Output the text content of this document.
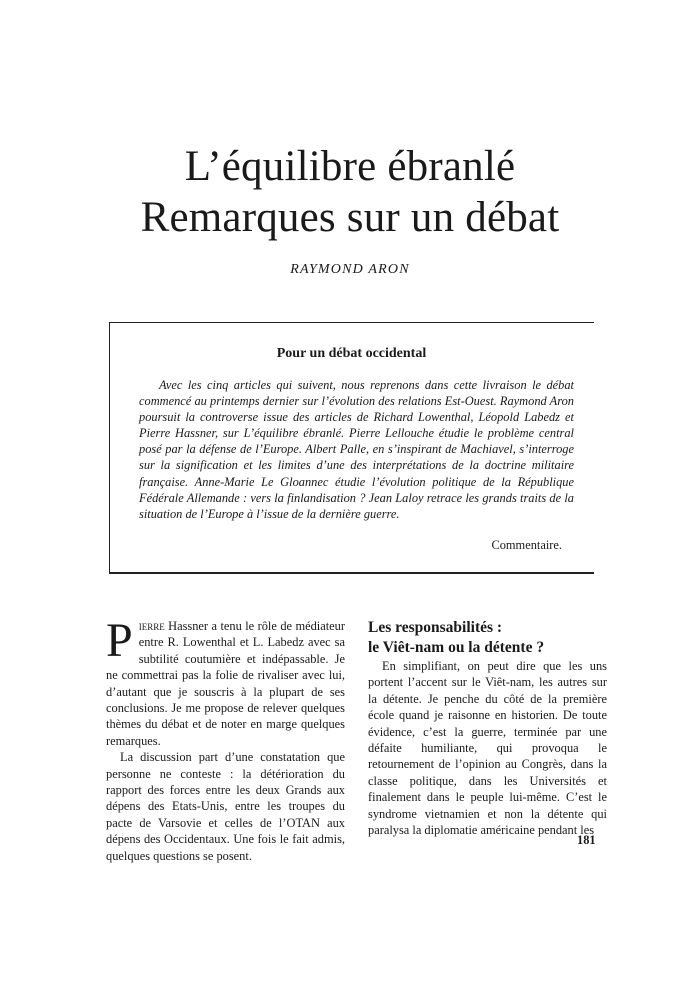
L’équilibre ébranlé
Remarques sur un débat

RAYMOND ARON

Pour un débat occidental

Avec les cinq articles qui suivent, nous reprenons dans cette livraison le débat commencé au printemps dernier sur l’évolution des relations Est-Ouest. Raymond Aron poursuit la controverse issue des articles de Richard Lowenthal, Léopold Labedz et Pierre Hassner, sur L’équilibre ébranlé. Pierre Lellouche étudie le problème central posé par la défense de l’Europe. Albert Palle, en s’inspirant de Machiavel, s’interroge sur la signification et les limites d’une des interprétations de la doctrine militaire française. Anne-Marie Le Gloannec étudie l’évolution politique de la République Fédérale Allemande : vers la finlandisation ? Jean Laloy retrace les grands traits de la situation de l’Europe à l’issue de la dernière guerre.

Commentaire.

Pierre Hassner a tenu le rôle de médiateur entre R. Lowenthal et L. Labedz avec sa subtilité coutumière et indépassable. Je ne commettrai pas la folie de rivaliser avec lui, d’autant que je souscris à la plupart de ses conclusions. Je me propose de relever quelques thèmes du débat et de noter en marge quelques remarques.

La discussion part d’une constatation que personne ne conteste : la détérioration du rapport des forces entre les deux Grands aux dépens des Etats-Unis, entre les troupes du pacte de Varsovie et celles de l’OTAN aux dépens des Occidentaux. Une fois le fait admis, quelques questions se posent.

Les responsabilités :
le Viêt-nam ou la détente ?

En simplifiant, on peut dire que les uns portent l’accent sur le Viêt-nam, les autres sur la détente. Je penche du côté de la première école quand je raisonne en historien. De toute évidence, c’est la guerre, terminée par une défaite humiliante, qui provoqua le retournement de l’opinion au Congrès, dans la classe politique, dans les Universités et finalement dans le peuple lui-même. C’est le syndrome vietnamien et non la détente qui paralysa la diplomatie américaine pendant les

181
